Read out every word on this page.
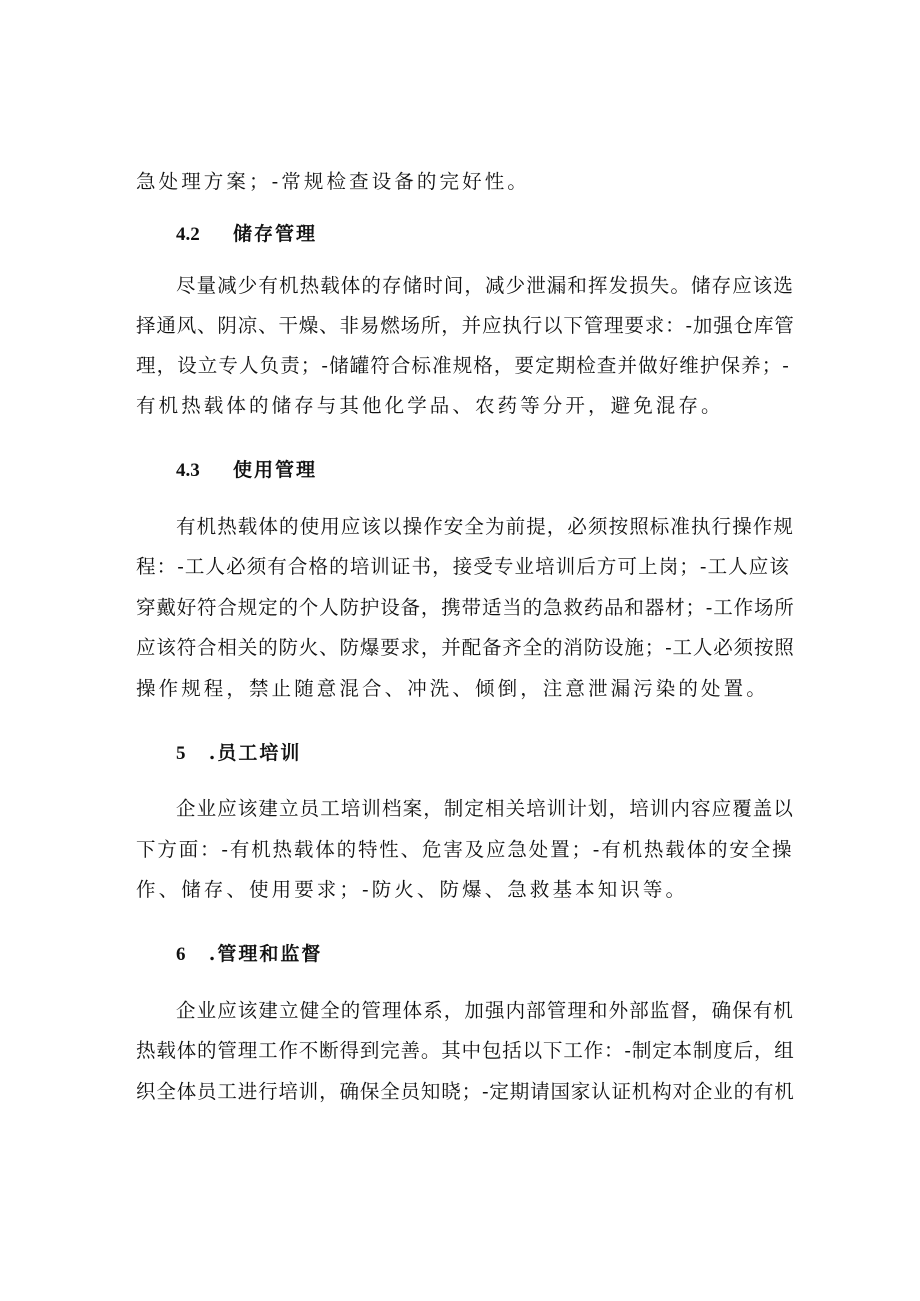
急处理方案；-常规检查设备的完好性。
4.2 储存管理
尽量减少有机热载体的存储时间，减少泄漏和挥发损失。储存应该选
择通风、阴凉、干燥、非易燃场所，并应执行以下管理要求：-加强仓库管
理，设立专人负责；-储罐符合标准规格，要定期检查并做好维护保养；-
有机热载体的储存与其他化学品、农药等分开，避免混存。
4.3 使用管理
有机热载体的使用应该以操作安全为前提，必须按照标准执行操作规
程：-工人必须有合格的培训证书，接受专业培训后方可上岗；-工人应该
穿戴好符合规定的个人防护设备，携带适当的急救药品和器材；-工作场所
应该符合相关的防火、防爆要求，并配备齐全的消防设施；-工人必须按照
操作规程，禁止随意混合、冲洗、倾倒，注意泄漏污染的处置。
5 .员工培训
企业应该建立员工培训档案，制定相关培训计划，培训内容应覆盖以
下方面：-有机热载体的特性、危害及应急处置；-有机热载体的安全操
作、储存、使用要求；-防火、防爆、急救基本知识等。
6 .管理和监督
企业应该建立健全的管理体系，加强内部管理和外部监督，确保有机
热载体的管理工作不断得到完善。其中包括以下工作：-制定本制度后，组
织全体员工进行培训，确保全员知晓；-定期请国家认证机构对企业的有机
